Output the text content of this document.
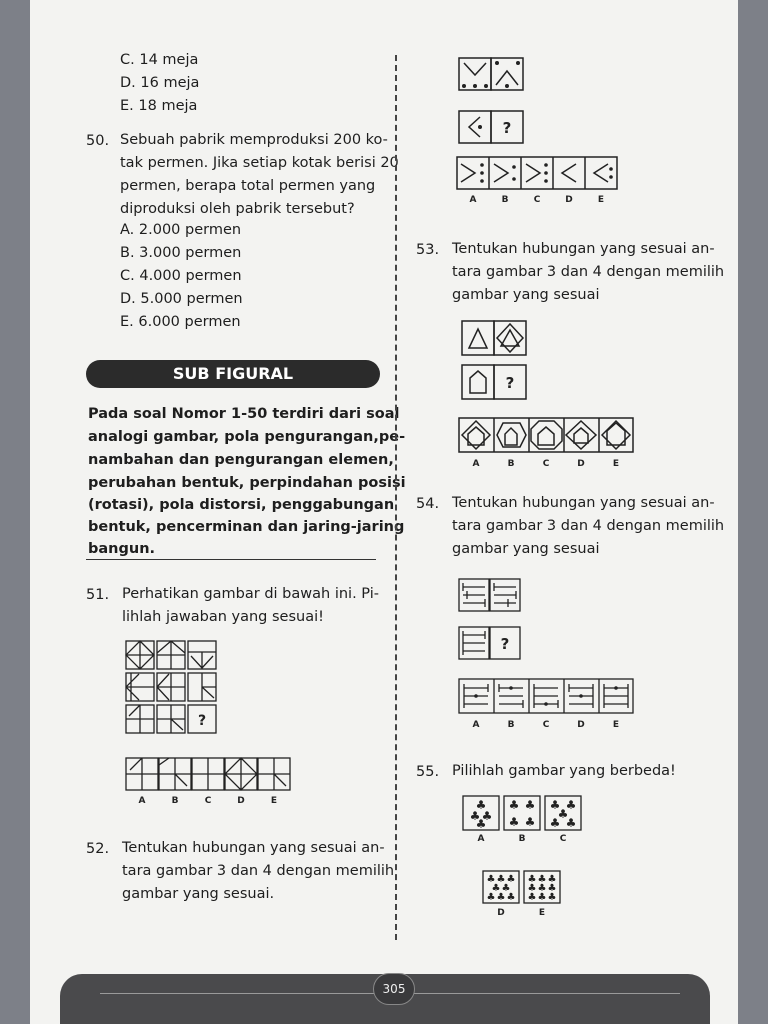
C. 14 meja
D. 16 meja
E. 18 meja
50. Sebuah pabrik memproduksi 200 ko-
tak permen. Jika setiap kotak berisi 20
permen, berapa total permen yang
diproduksi oleh pabrik tersebut?
A. 2.000 permen
B. 3.000 permen
C. 4.000 permen
D. 5.000 permen
E. 6.000 permen
SUB FIGURAL
Pada soal Nomor 1-50 terdiri dari soal
analogi gambar, pola pengurangan,pe-
nambahan dan pengurangan elemen,
perubahan bentuk, perpindahan posisi
(rotasi), pola distorsi, penggabungan
bentuk, pencerminan dan jaring-jaring
bangun.
51. Perhatikan gambar di bawah ini. Pi-
lihlah jawaban yang sesuai!
?
A	B	C	D	E
52. Tentukan hubungan yang sesuai an-
tara gambar 3 dan 4 dengan memilih
gambar yang sesuai.
?
A	B	C	D	E
53. Tentukan hubungan yang sesuai an-
tara gambar 3 dan 4 dengan memilih
gambar yang sesuai
?
A	B	C	D	E
54. Tentukan hubungan yang sesuai an-
tara gambar 3 dan 4 dengan memilih
gambar yang sesuai
?
A	B	C	D	E
55. Pilihlah gambar yang berbeda!
♣
♣ ♣
♣
♣ ♣
♣ ♣
♣ ♣
♣
♣ ♣
A	B	C
♣ ♣ ♣
♣ ♣
♣ ♣ ♣
♣ ♣ ♣
♣ ♣ ♣
♣ ♣ ♣
D	E
305
